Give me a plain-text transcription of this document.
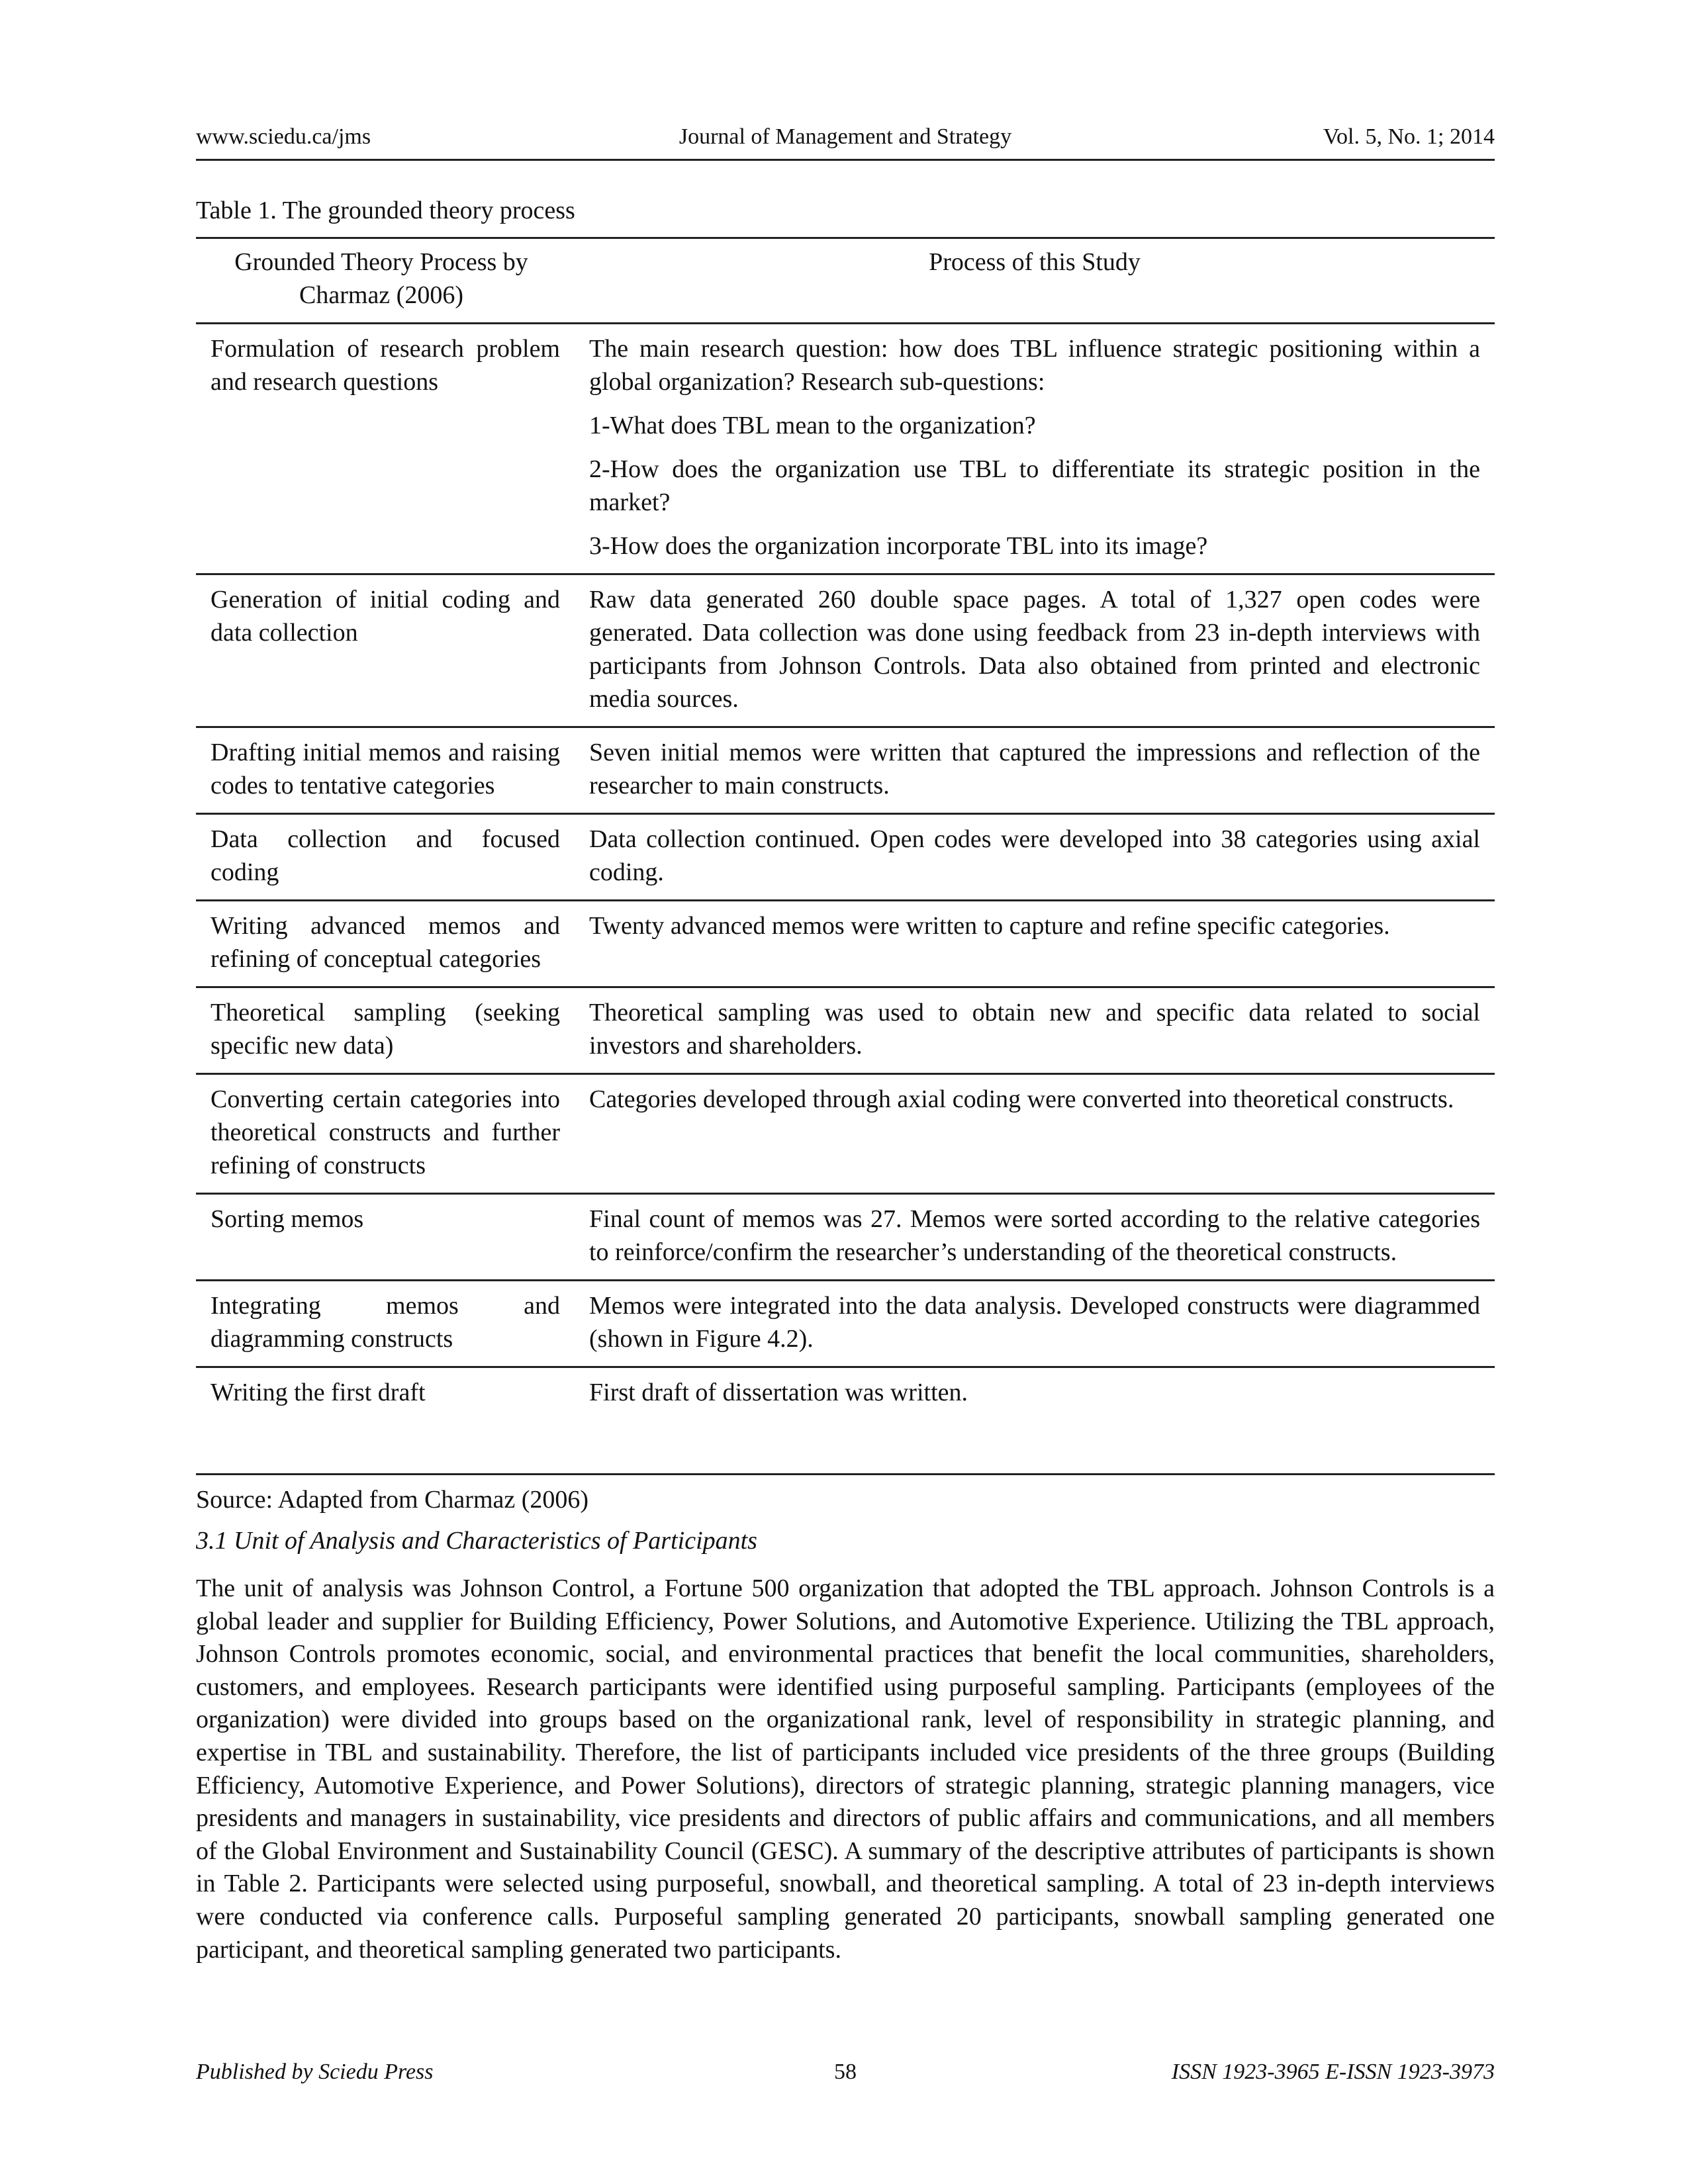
www.sciedu.ca/jms	Journal of Management and Strategy	Vol. 5, No. 1; 2014
Table 1. The grounded theory process
Grounded Theory Process by Charmaz (2006)	Process of this Study
Formulation of research problem and research questions	The main research question: how does TBL influence strategic positioning within a global organization? Research sub-questions:

1-What does TBL mean to the organization?

2-How does the organization use TBL to differentiate its strategic position in the market?

3-How does the organization incorporate TBL into its image?

Generation of initial coding and data collection	Raw data generated 260 double space pages. A total of 1,327 open codes were generated. Data collection was done using feedback from 23 in-depth interviews with participants from Johnson Controls. Data also obtained from printed and electronic media sources.

Drafting initial memos and raising codes to tentative categories	Seven initial memos were written that captured the impressions and reflection of the researcher to main constructs.

Data collection and focused coding	Data collection continued. Open codes were developed into 38 categories using axial coding.

Writing advanced memos and refining of conceptual categories	Twenty advanced memos were written to capture and refine specific categories.

Theoretical sampling (seeking specific new data)	Theoretical sampling was used to obtain new and specific data related to social investors and shareholders.

Converting certain categories into theoretical constructs and further refining of constructs	Categories developed through axial coding were converted into theoretical constructs.

Sorting memos	Final count of memos was 27. Memos were sorted according to the relative categories to reinforce/confirm the researcher’s understanding of the theoretical constructs.

Integrating memos and diagramming constructs	Memos were integrated into the data analysis. Developed constructs were diagrammed (shown in Figure 4.2).

Writing the first draft	First draft of dissertation was written.

Source: Adapted from Charmaz (2006)
3.1 Unit of Analysis and Characteristics of Participants

The unit of analysis was Johnson Control, a Fortune 500 organization that adopted the TBL approach. Johnson Controls is a global leader and supplier for Building Efficiency, Power Solutions, and Automotive Experience. Utilizing the TBL approach, Johnson Controls promotes economic, social, and environmental practices that benefit the local communities, shareholders, customers, and employees. Research participants were identified using purposeful sampling. Participants (employees of the organization) were divided into groups based on the organizational rank, level of responsibility in strategic planning, and expertise in TBL and sustainability. Therefore, the list of participants included vice presidents of the three groups (Building Efficiency, Automotive Experience, and Power Solutions), directors of strategic planning, strategic planning managers, vice presidents and managers in sustainability, vice presidents and directors of public affairs and communications, and all members of the Global Environment and Sustainability Council (GESC). A summary of the descriptive attributes of participants is shown in Table 2. Participants were selected using purposeful, snowball, and theoretical sampling. A total of 23 in-depth interviews were conducted via conference calls. Purposeful sampling generated 20 participants, snowball sampling generated one participant, and theoretical sampling generated two participants.

Published by Sciedu Press	58	ISSN 1923-3965 E-ISSN 1923-3973
